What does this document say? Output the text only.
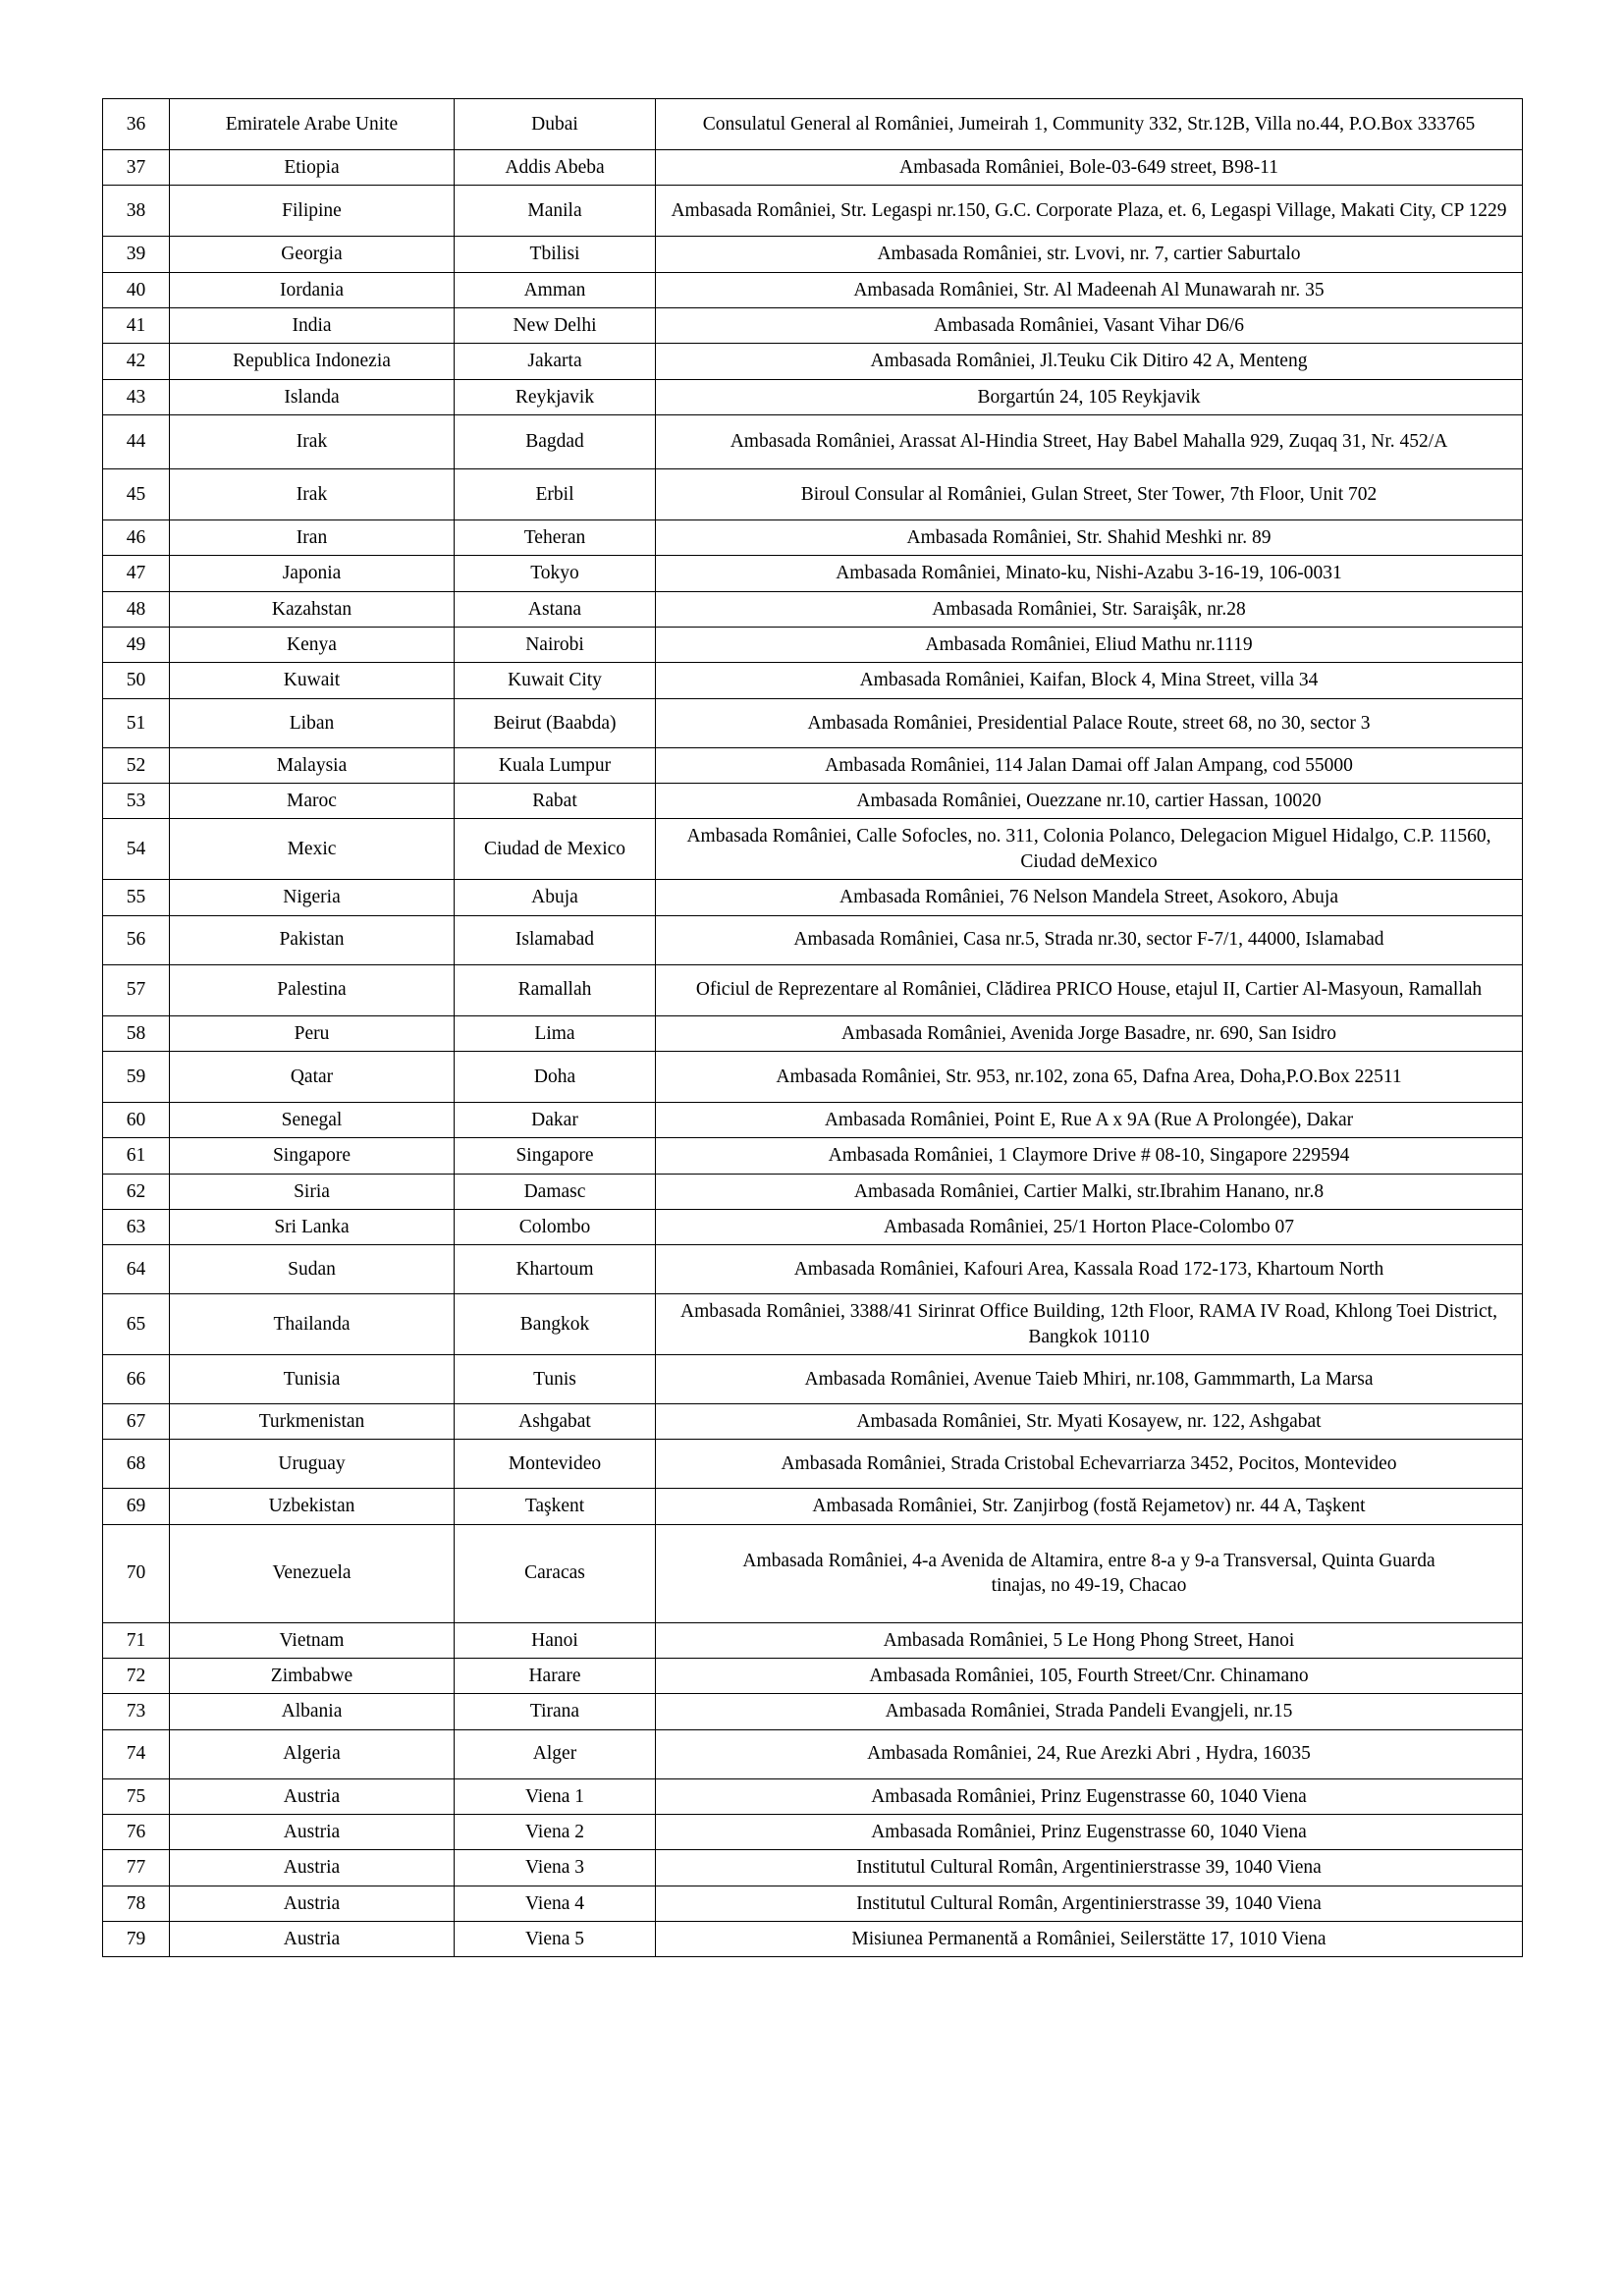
36	Emiratele Arabe Unite	Dubai	Consulatul General al României, Jumeirah 1, Community 332, Str.12B, Villa no.44, P.O.Box 333765
37	Etiopia	Addis Abeba	Ambasada României, Bole-03-649 street, B98-11
38	Filipine	Manila	Ambasada României, Str. Legaspi nr.150, G.C. Corporate Plaza, et. 6, Legaspi Village, Makati City, CP 1229
39	Georgia	Tbilisi	Ambasada României, str. Lvovi, nr. 7, cartier Saburtalo
40	Iordania	Amman	Ambasada României, Str. Al Madeenah Al Munawarah nr. 35
41	India	New Delhi	Ambasada României, Vasant Vihar D6/6
42	Republica Indonezia	Jakarta	Ambasada României, Jl.Teuku Cik Ditiro 42 A, Menteng
43	Islanda	Reykjavik	Borgartún 24, 105 Reykjavik
44	Irak	Bagdad	Ambasada României, Arassat Al-Hindia Street, Hay Babel Mahalla 929, Zuqaq 31, Nr. 452/A
45	Irak	Erbil	Biroul Consular al României, Gulan Street, Ster Tower, 7th Floor, Unit 702
46	Iran	Teheran	Ambasada României, Str. Shahid Meshki nr. 89
47	Japonia	Tokyo	Ambasada României, Minato-ku, Nishi-Azabu 3-16-19, 106-0031
48	Kazahstan	Astana	Ambasada României, Str. Saraişâk, nr.28
49	Kenya	Nairobi	Ambasada României, Eliud Mathu nr.1119
50	Kuwait	Kuwait City	Ambasada României, Kaifan, Block 4, Mina Street, villa 34
51	Liban	Beirut (Baabda)	Ambasada României, Presidential Palace Route, street 68, no 30, sector 3
52	Malaysia	Kuala Lumpur	Ambasada României, 114 Jalan Damai off Jalan Ampang, cod 55000
53	Maroc	Rabat	Ambasada României, Ouezzane nr.10, cartier Hassan, 10020
54	Mexic	Ciudad de Mexico	Ambasada României, Calle Sofocles, no. 311, Colonia Polanco, Delegacion Miguel Hidalgo, C.P. 11560, Ciudad deMexico
55	Nigeria	Abuja	Ambasada României, 76 Nelson Mandela Street, Asokoro, Abuja
56	Pakistan	Islamabad	Ambasada României, Casa nr.5, Strada nr.30, sector F-7/1, 44000, Islamabad
57	Palestina	Ramallah	Oficiul de Reprezentare al României, Clădirea PRICO House, etajul II, Cartier Al-Masyoun, Ramallah
58	Peru	Lima	Ambasada României, Avenida Jorge Basadre, nr. 690, San Isidro
59	Qatar	Doha	Ambasada României, Str. 953, nr.102, zona 65, Dafna Area, Doha,P.O.Box 22511
60	Senegal	Dakar	Ambasada României, Point E, Rue A x 9A (Rue A Prolongée), Dakar
61	Singapore	Singapore	Ambasada României, 1 Claymore Drive # 08-10, Singapore 229594
62	Siria	Damasc	Ambasada României, Cartier Malki, str.Ibrahim Hanano, nr.8
63	Sri Lanka	Colombo	Ambasada României, 25/1 Horton Place-Colombo 07
64	Sudan	Khartoum	Ambasada României, Kafouri Area, Kassala Road 172-173, Khartoum North
65	Thailanda	Bangkok	Ambasada României, 3388/41 Sirinrat Office Building, 12th Floor, RAMA IV Road, Khlong Toei District, Bangkok 10110
66	Tunisia	Tunis	Ambasada României, Avenue Taieb Mhiri, nr.108, Gammmarth, La Marsa
67	Turkmenistan	Ashgabat	Ambasada României, Str. Myati Kosayew, nr. 122, Ashgabat
68	Uruguay	Montevideo	Ambasada României, Strada Cristobal Echevarriarza 3452, Pocitos, Montevideo
69	Uzbekistan	Taşkent	Ambasada României, Str. Zanjirbog (fostă Rejametov) nr. 44 A, Taşkent
70	Venezuela	Caracas	Ambasada României, 4-a Avenida de Altamira, entre 8-a y 9-a Transversal, Quinta Guarda
tinajas, no 49-19, Chacao
71	Vietnam	Hanoi	Ambasada României, 5 Le Hong Phong Street, Hanoi
72	Zimbabwe	Harare	Ambasada României, 105, Fourth Street/Cnr. Chinamano
73	Albania	Tirana	Ambasada României, Strada Pandeli Evangjeli, nr.15
74	Algeria	Alger	Ambasada României, 24, Rue Arezki Abri , Hydra, 16035
75	Austria	Viena 1	Ambasada României, Prinz Eugenstrasse 60, 1040 Viena
76	Austria	Viena 2	Ambasada României, Prinz Eugenstrasse 60, 1040 Viena
77	Austria	Viena 3	Institutul Cultural Român, Argentinierstrasse 39, 1040 Viena
78	Austria	Viena 4	Institutul Cultural Român, Argentinierstrasse 39, 1040 Viena
79	Austria	Viena 5	Misiunea Permanentă a României, Seilerstätte 17, 1010 Viena
